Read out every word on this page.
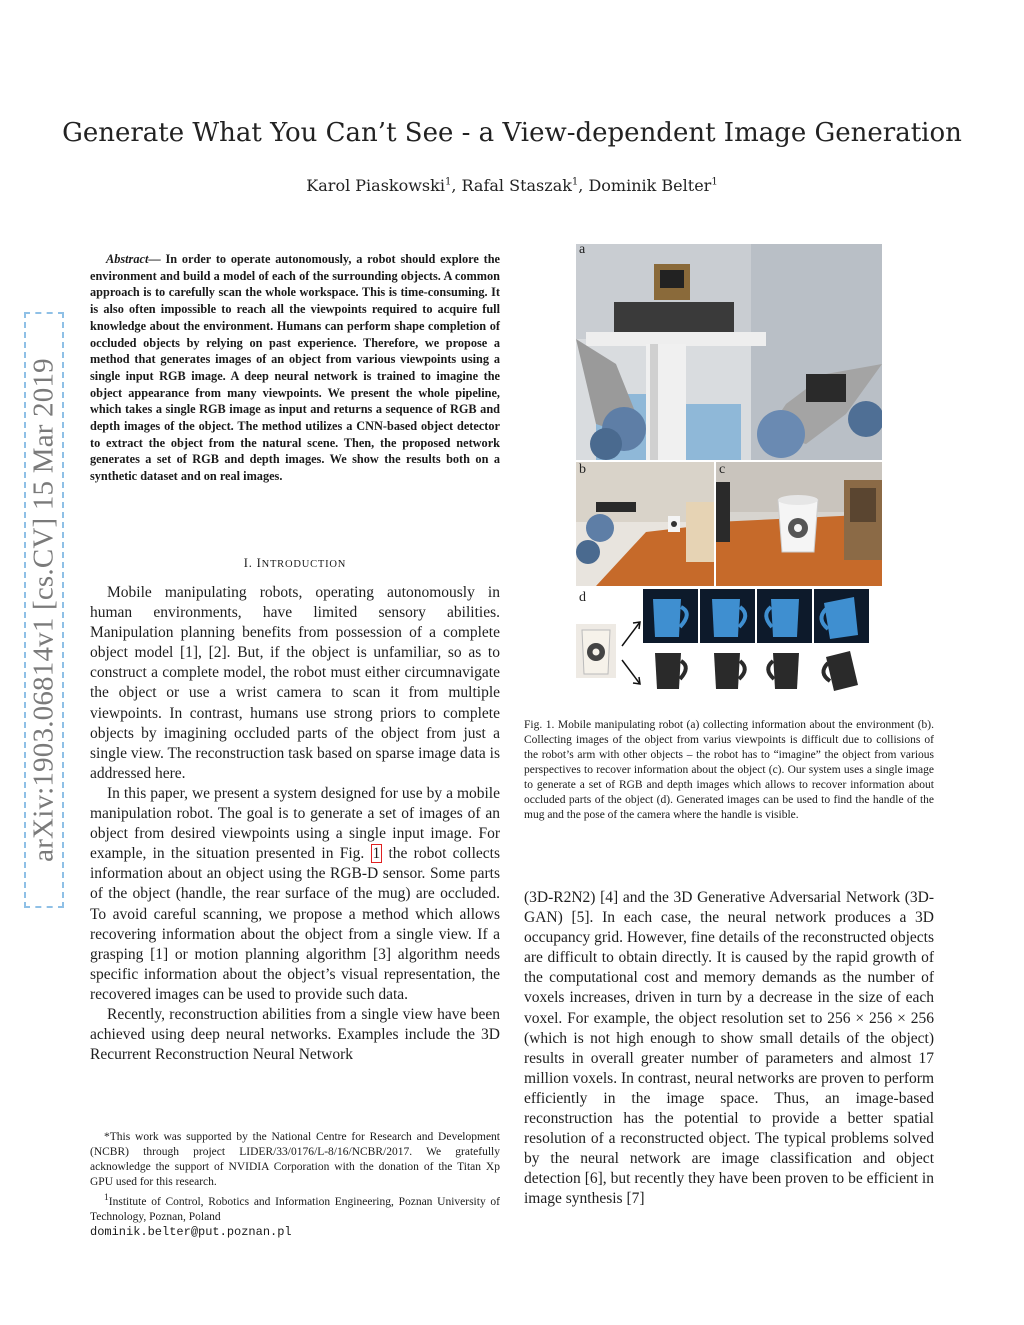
arXiv:1903.06814v1 [cs.CV] 15 Mar 2019
Generate What You Can’t See - a View-dependent Image Generation
Karol Piaskowski$^1$, Rafal Staszak$^1$, Dominik Belter$^1$
Abstract— In order to operate autonomously, a robot should explore the environment and build a model of each of the surrounding objects. A common approach is to carefully scan the whole workspace. This is time-consuming. It is also often impossible to reach all the viewpoints required to acquire full knowledge about the environment. Humans can perform shape completion of occluded objects by relying on past experience. Therefore, we propose a method that generates images of an object from various viewpoints using a single input RGB image. A deep neural network is trained to imagine the object appearance from many viewpoints. We present the whole pipeline, which takes a single RGB image as input and returns a sequence of RGB and depth images of the object. The method utilizes a CNN-based object detector to extract the object from the natural scene. Then, the proposed network generates a set of RGB and depth images. We show the results both on a synthetic dataset and on real images.
I. INTRODUCTION

Mobile manipulating robots, operating autonomously in human environments, have limited sensory abilities. Manipulation planning benefits from possession of a complete object model [1], [2]. But, if the object is unfamiliar, so as to construct a complete model, the robot must either circumnavigate the object or use a wrist camera to scan it from multiple viewpoints. In contrast, humans use strong priors to complete objects by imagining occluded parts of the object from just a single view. The reconstruction task based on sparse image data is addressed here.

In this paper, we present a system designed for use by a mobile manipulation robot. The goal is to generate a set of images of an object from desired viewpoints using a single input image. For example, in the situation presented in Fig. 1 the robot collects information about an object using the RGB-D sensor. Some parts of the object (handle, the rear surface of the mug) are occluded. To avoid careful scanning, we propose a method which allows recovering information about the object from a single view. If a grasping [1] or motion planning algorithm [3] algorithm needs specific information about the object’s visual representation, the recovered images can be used to provide such data.

Recently, reconstruction abilities from a single view have been achieved using deep neural networks. Examples include the 3D Recurrent Reconstruction Neural Network

*This work was supported by the National Centre for Research and Development (NCBR) through project LIDER/33/0176/L-8/16/NCBR/2017. We gratefully acknowledge the support of NVIDIA Corporation with the donation of the Titan Xp GPU used for this research.

$^1$Institute of Control, Robotics and Information Engineering, Poznan University of Technology, Poznan, Poland

dominik.belter@put.poznan.pl
a
b	c
d
Fig. 1. Mobile manipulating robot (a) collecting information about the environment (b). Collecting images of the object from varius viewpoints is difficult due to collisions of the robot’s arm with other objects – the robot has to “imagine” the object from various perspectives to recover information about the object (c). Our system uses a single image to generate a set of RGB and depth images which allows to recover information about occluded parts of the object (d). Generated images can be used to find the handle of the mug and the pose of the camera where the handle is visible.

(3D-R2N2) [4] and the 3D Generative Adversarial Network (3D-GAN) [5]. In each case, the neural network produces a 3D occupancy grid. However, fine details of the reconstructed objects are difficult to obtain directly. It is caused by the rapid growth of the computational cost and memory demands as the number of voxels increases, driven in turn by a decrease in the size of each voxel. For example, the object resolution set to 256 × 256 × 256 (which is not high enough to show small details of the object) results in overall greater number of parameters and almost 17 million voxels. In contrast, neural networks are proven to perform efficiently in the image space. Thus, an image-based reconstruction has the potential to provide a better spatial resolution of a reconstructed object. The typical problems solved by the neural network are image classification and object detection [6], but recently they have been proven to be efficient in image synthesis [7]
